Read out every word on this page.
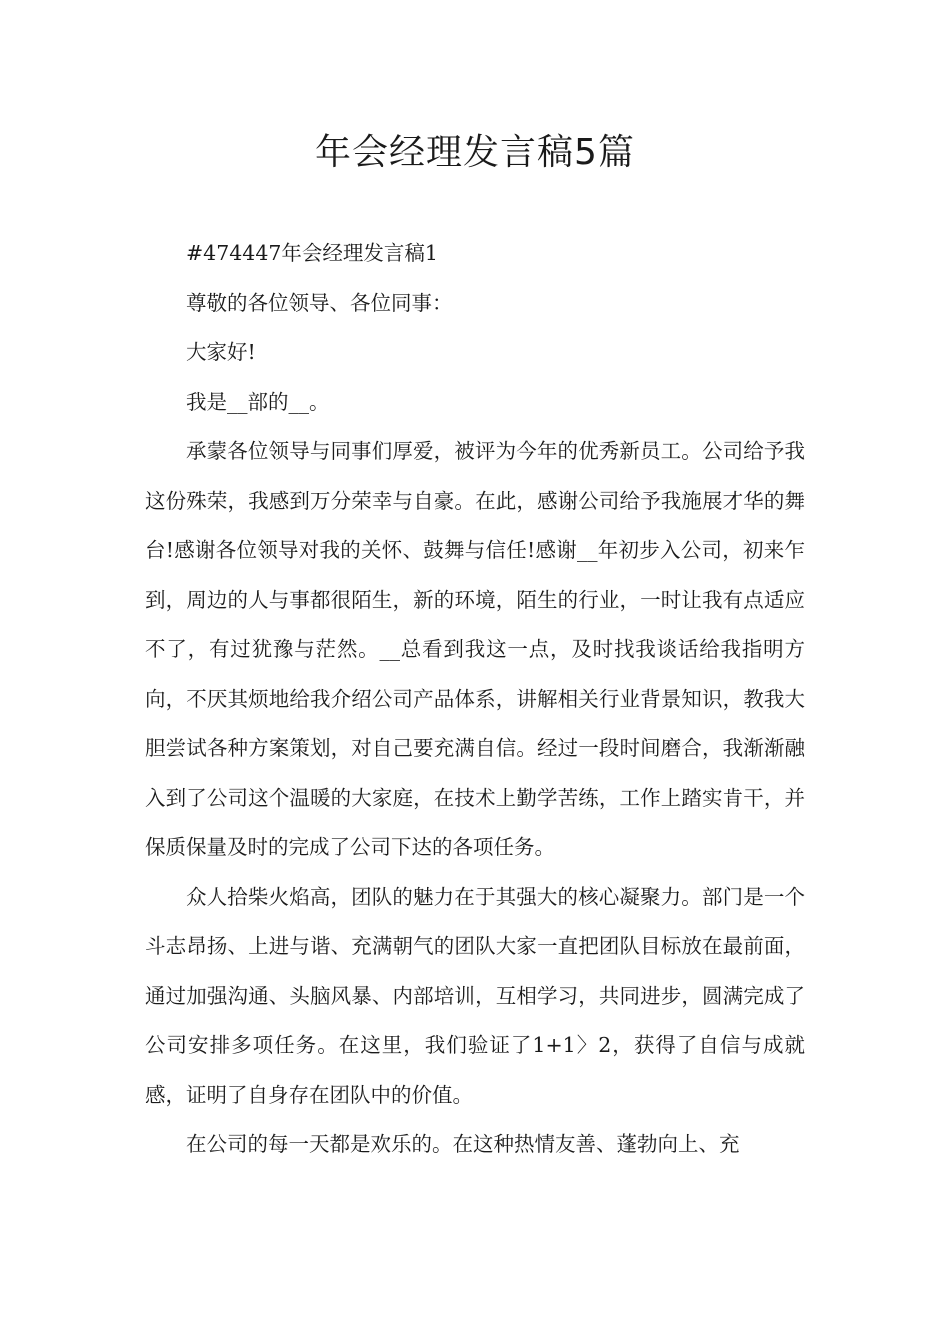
年会经理发言稿5篇

#474447年会经理发言稿1

尊敬的各位领导、各位同事：

大家好!

我是__部的__。

承蒙各位领导与同事们厚爱，被评为今年的优秀新员工。公司给予我这份殊荣，我感到万分荣幸与自豪。在此，感谢公司给予我施展才华的舞台!感谢各位领导对我的关怀、鼓舞与信任!感谢__年初步入公司，初来乍到，周边的人与事都很陌生，新的环境，陌生的行业，一时让我有点适应不了，有过犹豫与茫然。__总看到我这一点，及时找我谈话给我指明方向，不厌其烦地给我介绍公司产品体系，讲解相关行业背景知识，教我大胆尝试各种方案策划，对自己要充满自信。经过一段时间磨合，我渐渐融入到了公司这个温暖的大家庭，在技术上勤学苦练，工作上踏实肯干，并保质保量及时的完成了公司下达的各项任务。

众人拾柴火焰高，团队的魅力在于其强大的核心凝聚力。部门是一个斗志昂扬、上进与谐、充满朝气的团队大家一直把团队目标放在最前面，通过加强沟通、头脑风暴、内部培训，互相学习，共同进步，圆满完成了公司安排多项任务。在这里，我们验证了1+1〉2，获得了自信与成就感，证明了自身存在团队中的价值。

在公司的每一天都是欢乐的。在这种热情友善、蓬勃向上、充
